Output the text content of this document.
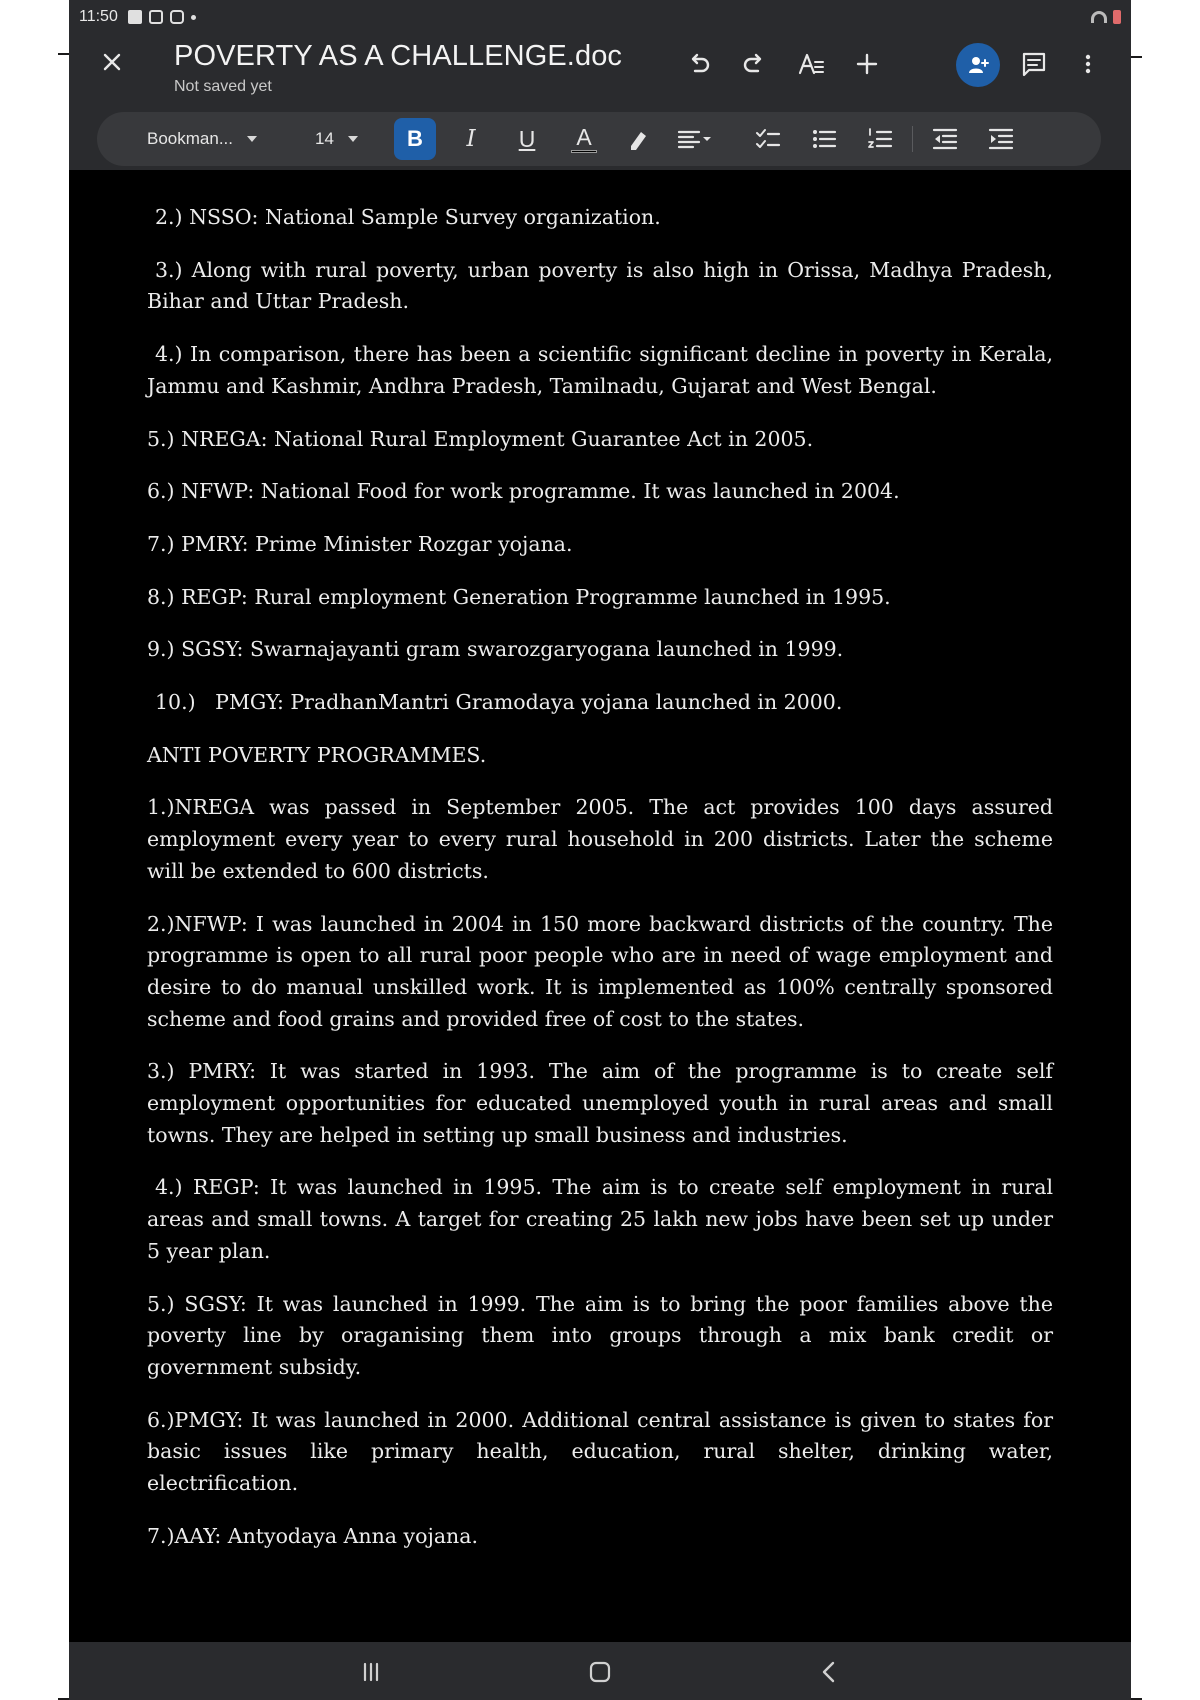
11:50
POVERTY AS A CHALLENGE.doc
Not saved yet
Bookman...	14	B	I	U	A

2.) NSSO: National Sample Survey organization.

3.) Along with rural poverty, urban poverty is also high in Orissa, Madhya Pradesh, Bihar and Uttar Pradesh.

4.) In comparison, there has been a scientific significant decline in poverty in Kerala, Jammu and Kashmir, Andhra Pradesh, Tamilnadu, Gujarat and West Bengal.

5.) NREGA: National Rural Employment Guarantee Act in 2005.

6.) NFWP: National Food for work programme. It was launched in 2004.

7.) PMRY: Prime Minister Rozgar yojana.

8.) REGP: Rural employment Generation Programme launched in 1995.

9.) SGSY: Swarnajayanti gram swarozgaryogana launched in 1999.

10.)   PMGY: PradhanMantri Gramodaya yojana launched in 2000.

ANTI POVERTY PROGRAMMES.

1.)NREGA was passed in September 2005. The act provides 100 days assured employment every year to every rural household in 200 districts. Later the scheme will be extended to 600 districts.

2.)NFWP: I was launched in 2004 in 150 more backward districts of the country. The programme is open to all rural poor people who are in need of wage employment and desire to do manual unskilled work. It is implemented as 100% centrally sponsored scheme and food grains and provided free of cost to the states.

3.) PMRY: It was started in 1993. The aim of the programme is to create self employment opportunities for educated unemployed youth in rural areas and small towns. They are helped in setting up small business and industries.

4.) REGP: It was launched in 1995. The aim is to create self employment in rural areas and small towns. A target for creating 25 lakh new jobs have been set up under 5 year plan.

5.) SGSY: It was launched in 1999. The aim is to bring the poor families above the poverty line by oraganising them into groups through a mix bank credit or government subsidy.

6.)PMGY: It was launched in 2000. Additional central assistance is given to states for basic issues like primary health, education, rural shelter, drinking water, electrification.

7.)AAY: Antyodaya Anna yojana.
